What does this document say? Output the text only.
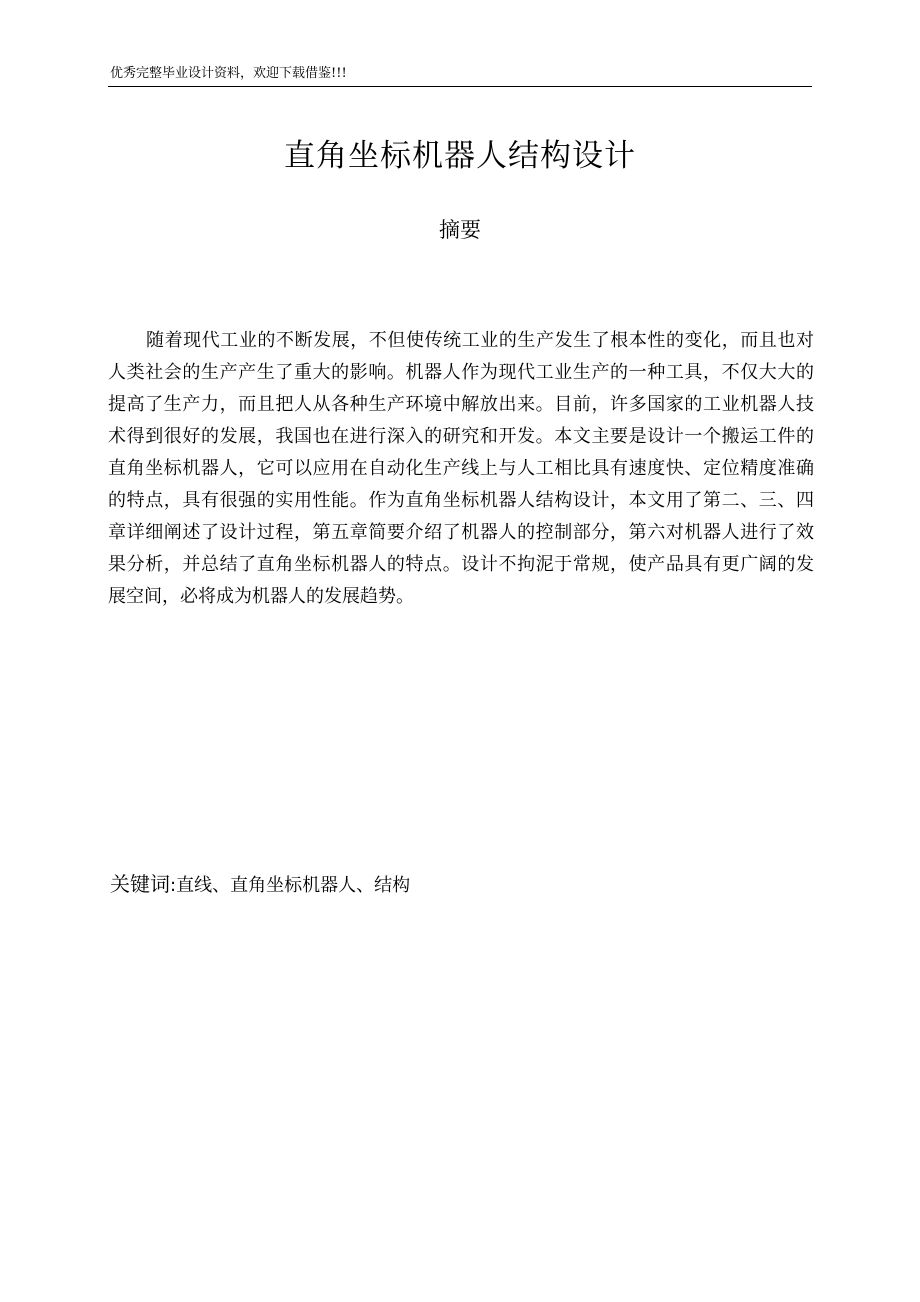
优秀完整毕业设计资料，欢迎下载借鉴!!!
直角坐标机器人结构设计
摘要
随着现代工业的不断发展，不但使传统工业的生产发生了根本性的变化，而且也对
人类社会的生产产生了重大的影响。机器人作为现代工业生产的一种工具，不仅大大的
提高了生产力，而且把人从各种生产环境中解放出来。目前，许多国家的工业机器人技
术得到很好的发展，我国也在进行深入的研究和开发。本文主要是设计一个搬运工件的
直角坐标机器人，它可以应用在自动化生产线上与人工相比具有速度快、定位精度准确
的特点，具有很强的实用性能。作为直角坐标机器人结构设计，本文用了第二、三、四
章详细阐述了设计过程，第五章简要介绍了机器人的控制部分，第六对机器人进行了效
果分析，并总结了直角坐标机器人的特点。设计不拘泥于常规，使产品具有更广阔的发
展空间，必将成为机器人的发展趋势。
关键词:直线、直角坐标机器人、结构
